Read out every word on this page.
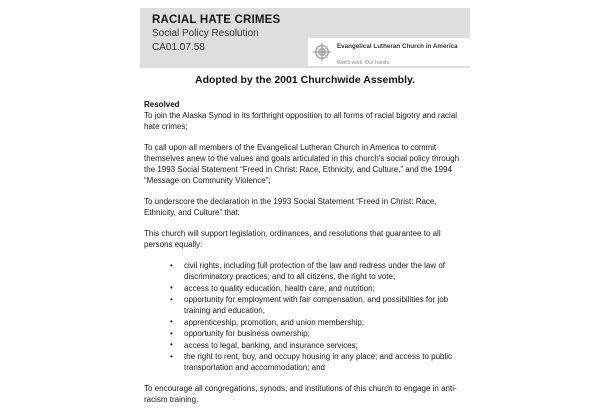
RACIAL HATE CRIMES

Social Policy Resolution

CA01.07.58	Evangelical Lutheran Church in America God's work. Our hands.

Adopted by the 2001 Churchwide Assembly.

Resolved

To join the Alaska Synod in its forthright opposition to all forms of racial bigotry and racial hate crimes;

To call upon all members of the Evangelical Lutheran Church in America to commit themselves anew to the values and goals articulated in this church's social policy through the 1993 Social Statement “Freed in Christ: Race, Ethnicity, and Culture,” and the 1994 “Message on Community Violence”;

To underscore the declaration in the 1993 Social Statement “Freed in Christ: Race, Ethnicity, and Culture” that:

This church will support legislation, ordinances, and resolutions that guarantee to all persons equally:

• civil rights, including full protection of the law and redress under the law of discriminatory practices; and to all citizens, the right to vote;
• access to quality education, health care, and nutrition;
• opportunity for employment with fair compensation, and possibilities for job training and education,
• apprenticeship, promotion, and union membership;
• opportunity for business ownership;
• access to legal, banking, and insurance services;
• the right to rent, buy, and occupy housing in any place; and access to public transportation and accommodation; and

To encourage all congregations, synods, and institutions of this church to engage in anti-racism training.
